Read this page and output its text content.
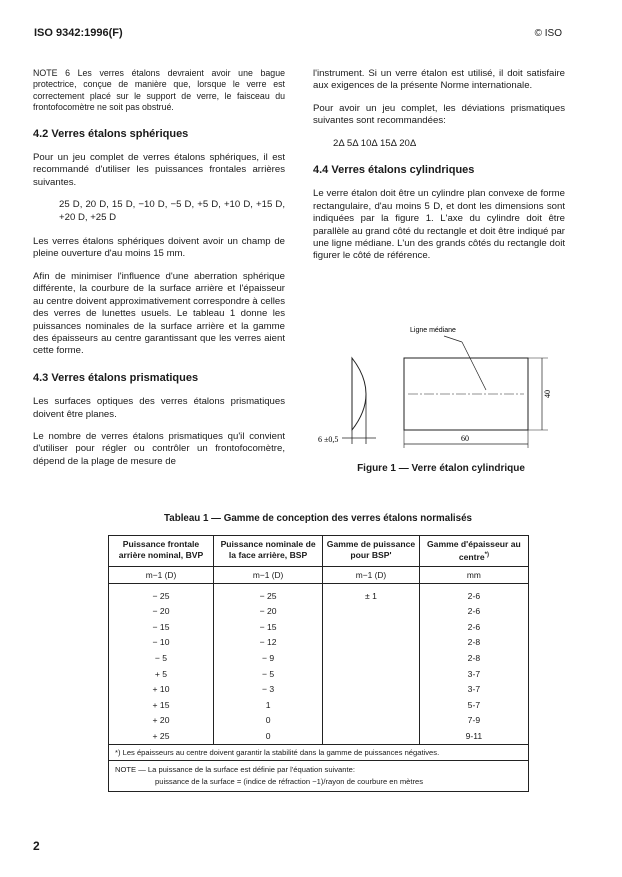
ISO 9342:1996(F)	© ISO

NOTE 6 Les verres étalons devraient avoir une bague protectrice, conçue de manière que, lorsque le verre est correctement placé sur le support de verre, le faisceau du frontofocomètre ne soit pas obstrué.

4.2 Verres étalons sphériques

Pour un jeu complet de verres étalons sphériques, il est recommandé d'utiliser les puissances frontales arrières suivantes.

25 D, 20 D, 15 D, −10 D, −5 D, +5 D, +10 D, +15 D, +20 D, +25 D

Les verres étalons sphériques doivent avoir un champ de pleine ouverture d'au moins 15 mm.

Afin de minimiser l'influence d'une aberration sphérique différente, la courbure de la surface arrière et l'épaisseur au centre doivent approximativement correspondre à celles des verres de lunettes usuels. Le tableau 1 donne les puissances nominales de la surface arrière et la gamme des épaisseurs au centre garantissant que les verres aient cette forme.

4.3 Verres étalons prismatiques

Les surfaces optiques des verres étalons prismatiques doivent être planes.

Le nombre de verres étalons prismatiques qu'il convient d'utiliser pour régler ou contrôler un frontofocomètre, dépend de la plage de mesure de

l'instrument. Si un verre étalon est utilisé, il doit satisfaire aux exigences de la présente Norme internationale.

Pour avoir un jeu complet, les déviations prismatiques suivantes sont recommandées:

2Δ 5Δ 10Δ 15Δ 20Δ

4.4 Verres étalons cylindriques

Le verre étalon doit être un cylindre plan convexe de forme rectangulaire, d'au moins 5 D, et dont les dimensions sont indiquées par la figure 1. L'axe du cylindre doit être parallèle au grand côté du rectangle et doit être indiqué par une ligne médiane. L'un des grands côtés du rectangle doit figurer le côté de référence.

6 ±0,5
Ligne médiane
60
40
Figure 1 — Verre étalon cylindrique
Tableau 1 — Gamme de conception des verres étalons normalisés
Puissance frontale arrière nominal, BVP	Puissance nominale de la face arrière, BSP	Gamme de puissance pour BSP'	Gamme d'épaisseur au centre*)
m−1 (D)	m−1 (D)	m−1 (D)	mm
− 25	− 25	± 1	2-6
− 20	− 20		2-6
− 15	− 15		2-6
− 10	− 12		2-8
− 5	− 9		2-8
+ 5	− 5		3-7
+ 10	− 3		3-7
+ 15	1		5-7
+ 20	0		7-9
+ 25	0		9-11
*) Les épaisseurs au centre doivent garantir la stabilité dans la gamme de puissances négatives.			
NOTE — La puissance de la surface est définie par l'équation suivante:
puissance de la surface = (indice de réfraction −1)/rayon de courbure en mètres			
2
